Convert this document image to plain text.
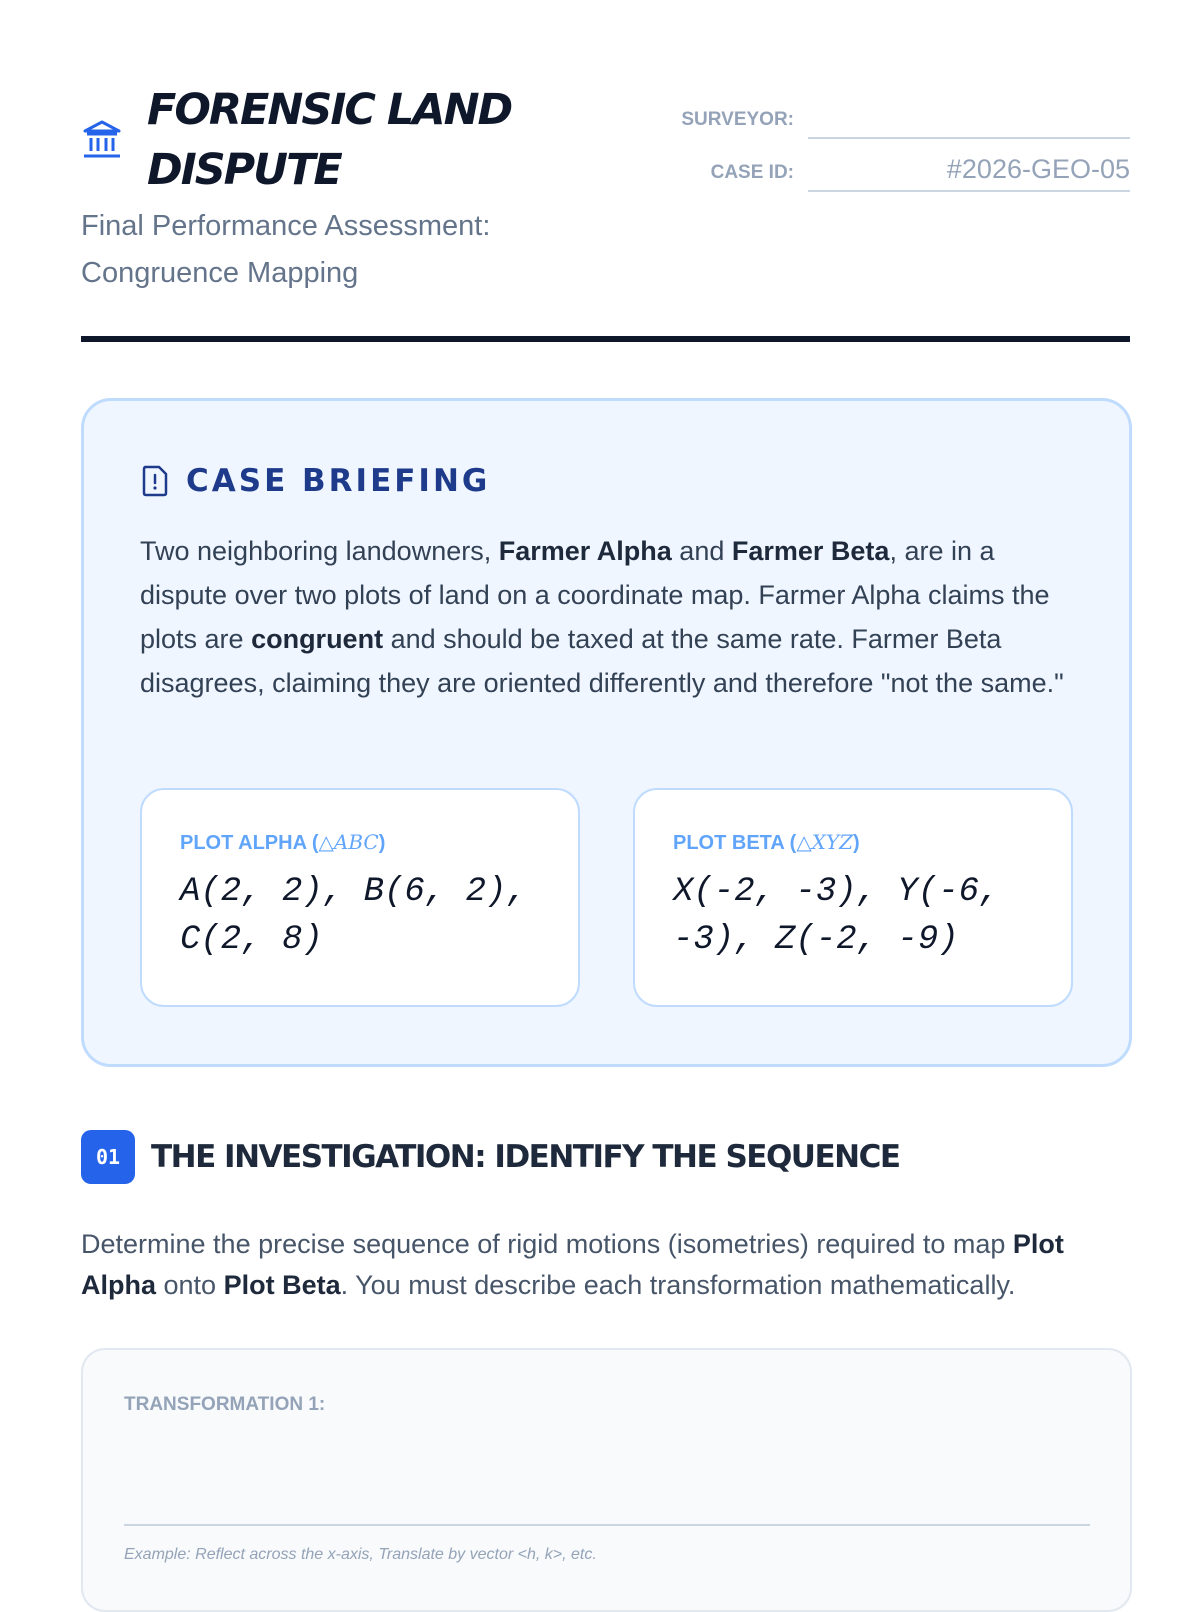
FORENSIC LAND DISPUTE
Final Performance Assessment: Congruence Mapping
SURVEYOR:
CASE ID:	#2026-GEO-05
CASE BRIEFING
Two neighboring landowners, Farmer Alpha and Farmer Beta, are in a dispute over two plots of land on a coordinate map. Farmer Alpha claims the plots are congruent and should be taxed at the same rate. Farmer Beta disagrees, claiming they are oriented differently and therefore "not the same."
PLOT ALPHA (△ABC)
A(2, 2), B(6, 2), C(2, 8)
PLOT BETA (△XYZ)
X(-2, -3), Y(-6, -3), Z(-2, -9)
01 THE INVESTIGATION: IDENTIFY THE SEQUENCE
Determine the precise sequence of rigid motions (isometries) required to map Plot Alpha onto Plot Beta. You must describe each transformation mathematically.
TRANSFORMATION 1:
Example: Reflect across the x-axis, Translate by vector <h, k>, etc.
